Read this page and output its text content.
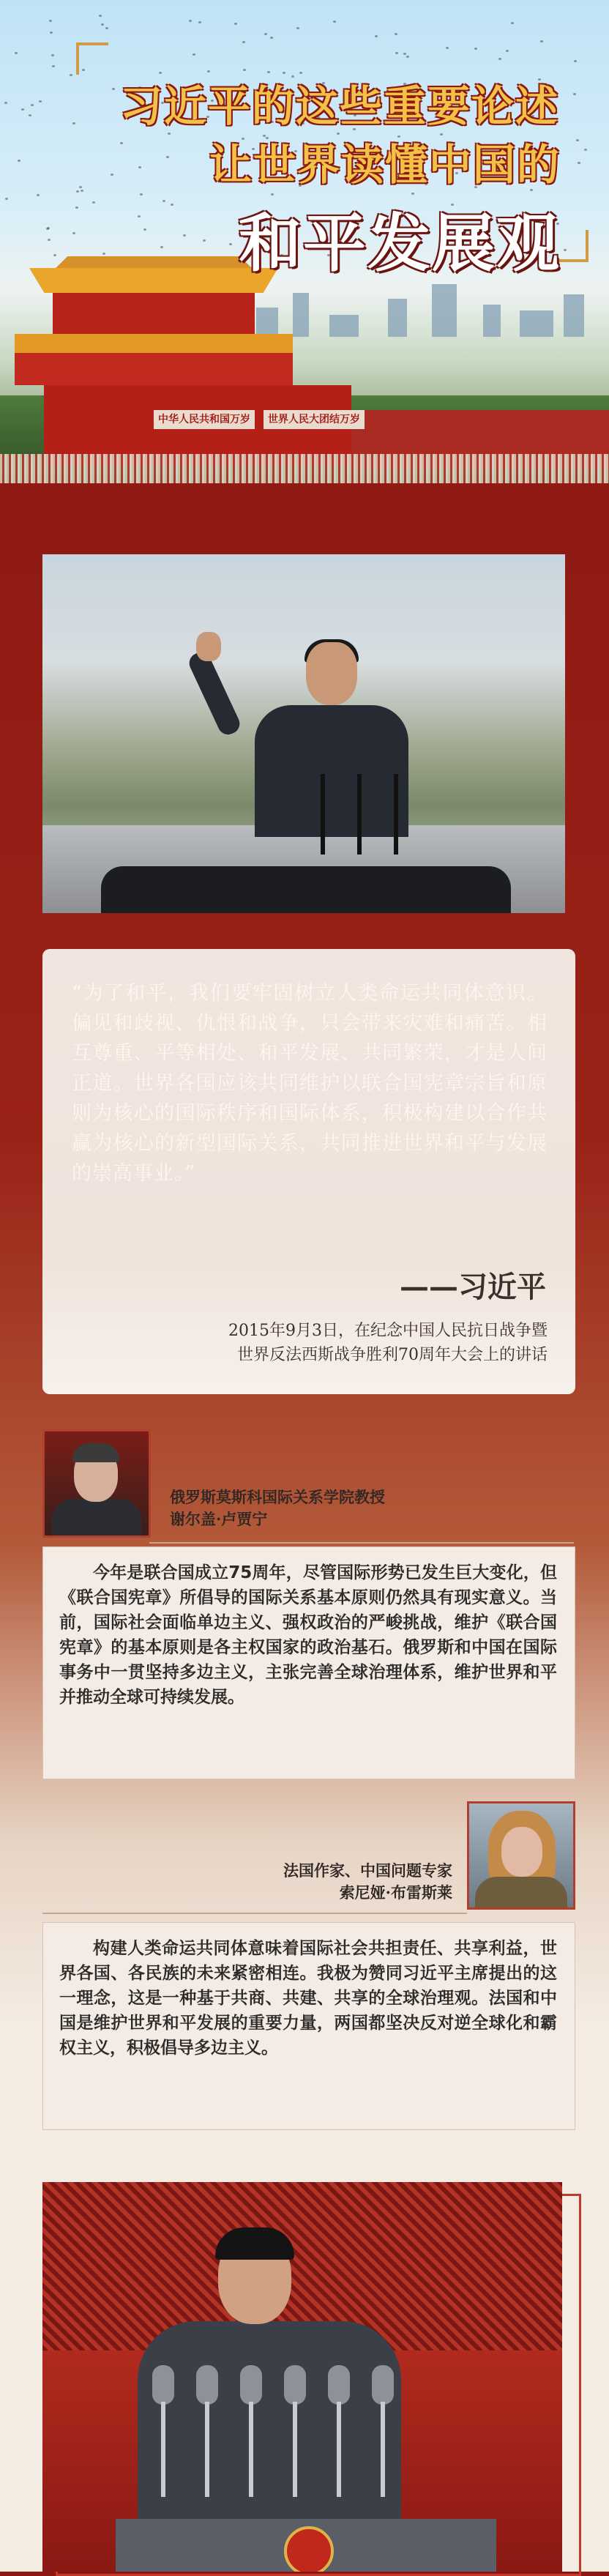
中华人民共和国万岁	世界人民大团结万岁
习近平的这些重要论述
让世界读懂中国的
和平发展观
“为了和平，我们要牢固树立人类命运共同体意识。偏见和歧视、仇恨和战争，只会带来灾难和痛苦。相互尊重、平等相处、和平发展、共同繁荣，才是人间正道。世界各国应该共同维护以联合国宪章宗旨和原则为核心的国际秩序和国际体系，积极构建以合作共赢为核心的新型国际关系，共同推进世界和平与发展的崇高事业。”
——习近平
2015年9月3日，在纪念中国人民抗日战争暨
世界反法西斯战争胜利70周年大会上的讲话
俄罗斯莫斯科国际关系学院教授
谢尔盖·卢贾宁
今年是联合国成立75周年，尽管国际形势已发生巨大变化，但《联合国宪章》所倡导的国际关系基本原则仍然具有现实意义。当前，国际社会面临单边主义、强权政治的严峻挑战，维护《联合国宪章》的基本原则是各主权国家的政治基石。俄罗斯和中国在国际事务中一贯坚持多边主义，主张完善全球治理体系，维护世界和平并推动全球可持续发展。
法国作家、中国问题专家
索尼娅·布雷斯莱
构建人类命运共同体意味着国际社会共担责任、共享利益，世界各国、各民族的未来紧密相连。我极为赞同习近平主席提出的这一理念，这是一种基于共商、共建、共享的全球治理观。法国和中国是维护世界和平发展的重要力量，两国都坚决反对逆全球化和霸权主义，积极倡导多边主义。
